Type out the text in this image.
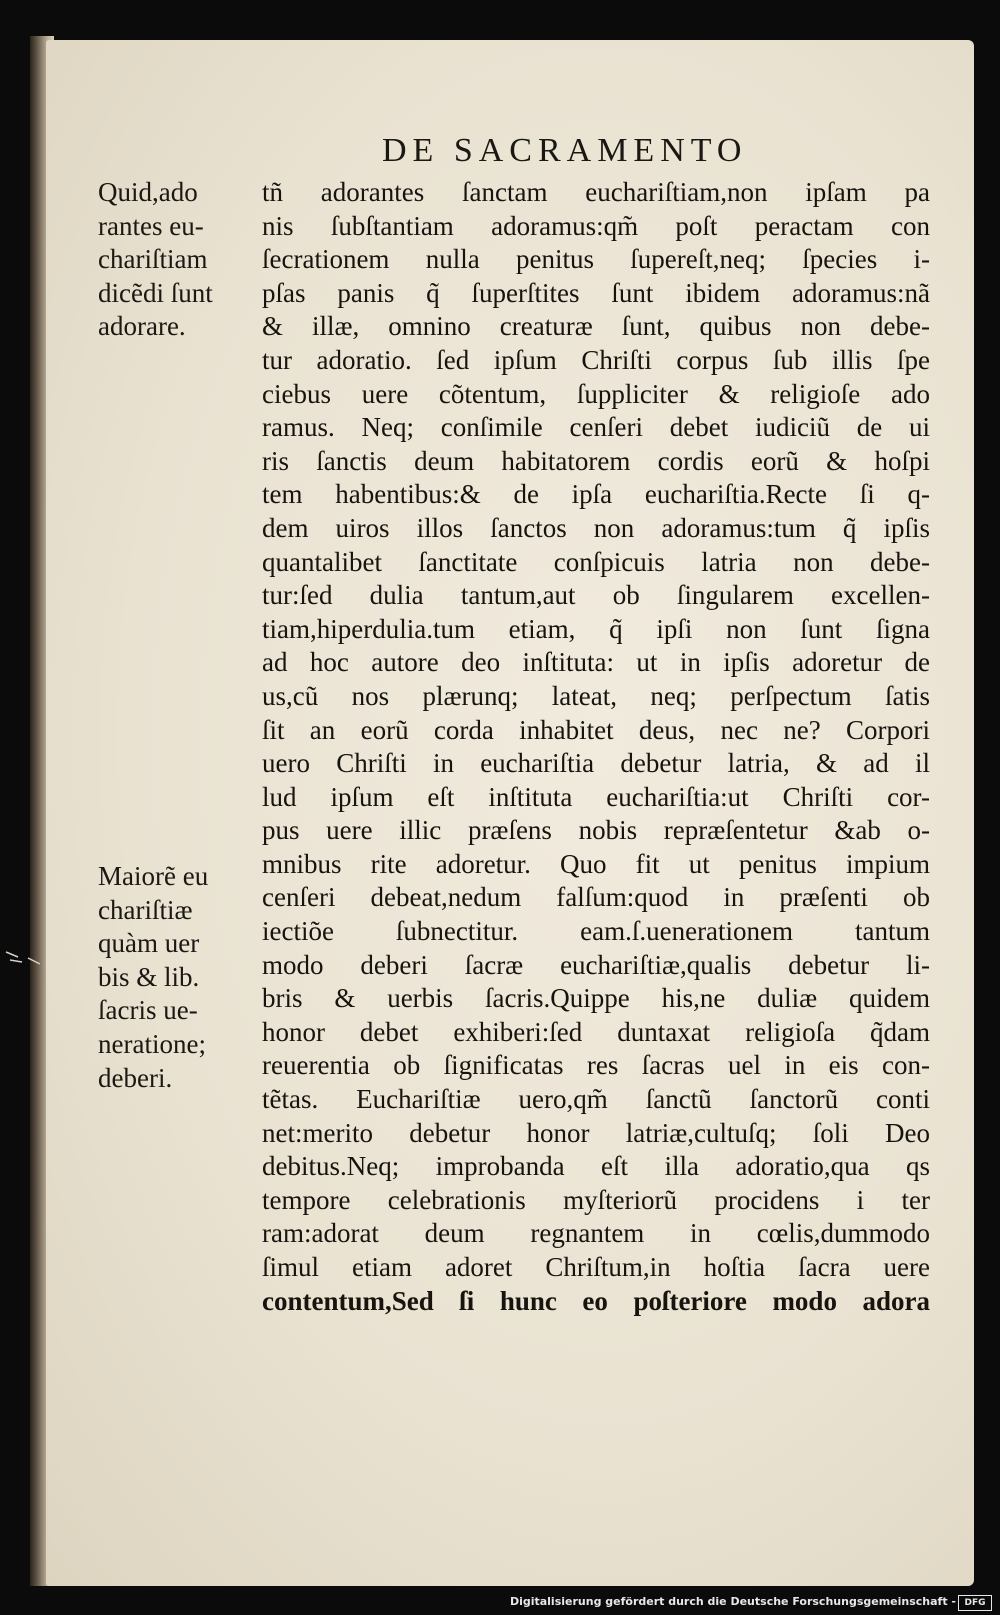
DE SACRAMENTO
Quid,ado
rantes eu-
chariſtiam
dicẽdi ſunt
adorare.
Maiorẽ eu
chariſtiæ
quàm uer
bis & lib.
ſacris ue-
neratione;
deberi.
tñ adorantes ſanctam euchariſtiam,non ipſam pa
nis ſubſtantiam adoramus:qm̃ poſt peractam con
ſecrationem nulla penitus ſupereſt,neq; ſpecies i-
pſas panis q̃ ſuperſtites ſunt ibidem adoramus:nã
& illæ, omnino creaturæ ſunt, quibus non debe-
tur adoratio. ſed ipſum Chriſti corpus ſub illis ſpe
ciebus uere cõtentum, ſuppliciter & religioſe ado
ramus. Neq; conſimile cenſeri debet iudiciũ de ui
ris ſanctis deum habitatorem cordis eorũ & hoſpi
tem habentibus:& de ipſa euchariſtia.Recte ſi q-
dem uiros illos ſanctos non adoramus:tum q̃ ipſis
quantalibet ſanctitate conſpicuis latria non debe-
tur:ſed dulia tantum,aut ob ſingularem excellen-
tiam,hiperdulia.tum etiam, q̃ ipſi non ſunt ſigna
ad hoc autore deo inſtituta: ut in ipſis adoretur de
us,cũ nos plærunq; lateat, neq; perſpectum ſatis
ſit an eorũ corda inhabitet deus, nec ne? Corpori
uero Chriſti in euchariſtia debetur latria, & ad il
lud ipſum eſt inſtituta euchariſtia:ut Chriſti cor-
pus uere illic præſens nobis repræſentetur &ab o-
mnibus rite adoretur. Quo fit ut penitus impium
cenſeri debeat,nedum falſum:quod in præſenti ob
iectiõe ſubnectitur. eam.ſ.uenerationem tantum
modo deberi ſacræ euchariſtiæ,qualis debetur li-
bris & uerbis ſacris.Quippe his,ne duliæ quidem
honor debet exhiberi:ſed duntaxat religioſa q̃dam
reuerentia ob ſignificatas res ſacras uel in eis con-
tẽtas. Euchariſtiæ uero,qm̃ ſanctũ ſanctorũ conti
net:merito debetur honor latriæ,cultuſq; ſoli Deo
debitus.Neq; improbanda eſt illa adoratio,qua qs
tempore celebrationis myſteriorũ procidens i ter
ram:adorat deum regnantem in cœlis,dummodo
ſimul etiam adoret Chriſtum,in hoſtia ſacra uere
contentum,Sed ſi hunc eo poſteriore modo adora
Digitalisierung gefördert durch die Deutsche Forschungsgemeinschaft - DFG
